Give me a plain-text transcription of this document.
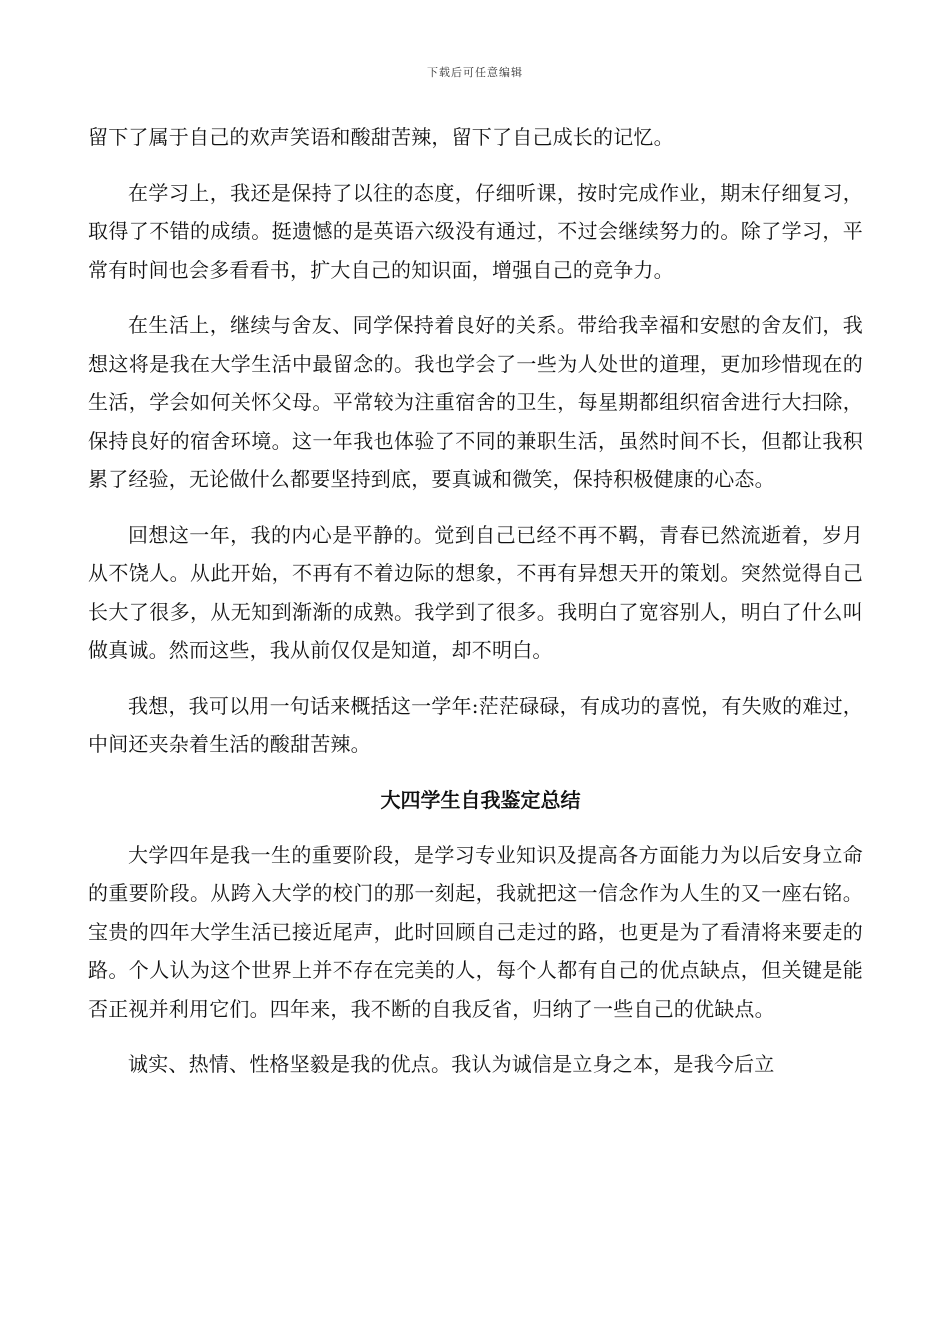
下载后可任意编辑

留下了属于自己的欢声笑语和酸甜苦辣，留下了自己成长的记忆。

在学习上，我还是保持了以往的态度，仔细听课，按时完成作业，期末仔细复习，取得了不错的成绩。挺遗憾的是英语六级没有通过，不过会继续努力的。除了学习，平常有时间也会多看看书，扩大自己的知识面，增强自己的竞争力。

在生活上，继续与舍友、同学保持着良好的关系。带给我幸福和安慰的舍友们，我想这将是我在大学生活中最留念的。我也学会了一些为人处世的道理，更加珍惜现在的生活，学会如何关怀父母。平常较为注重宿舍的卫生，每星期都组织宿舍进行大扫除，保持良好的宿舍环境。这一年我也体验了不同的兼职生活，虽然时间不长，但都让我积累了经验，无论做什么都要坚持到底，要真诚和微笑，保持积极健康的心态。

回想这一年，我的内心是平静的。觉到自己已经不再不羁，青春已然流逝着，岁月从不饶人。从此开始，不再有不着边际的想象，不再有异想天开的策划。突然觉得自己长大了很多，从无知到渐渐的成熟。我学到了很多。我明白了宽容别人，明白了什么叫做真诚。然而这些，我从前仅仅是知道，却不明白。

我想，我可以用一句话来概括这一学年:茫茫碌碌，有成功的喜悦，有失败的难过，中间还夹杂着生活的酸甜苦辣。

大四学生自我鉴定总结

大学四年是我一生的重要阶段，是学习专业知识及提高各方面能力为以后安身立命的重要阶段。从跨入大学的校门的那一刻起，我就把这一信念作为人生的又一座右铭。宝贵的四年大学生活已接近尾声，此时回顾自己走过的路，也更是为了看清将来要走的路。个人认为这个世界上并不存在完美的人，每个人都有自己的优点缺点，但关键是能否正视并利用它们。四年来，我不断的自我反省，归纳了一些自己的优缺点。

诚实、热情、性格坚毅是我的优点。我认为诚信是立身之本，是我今后立
